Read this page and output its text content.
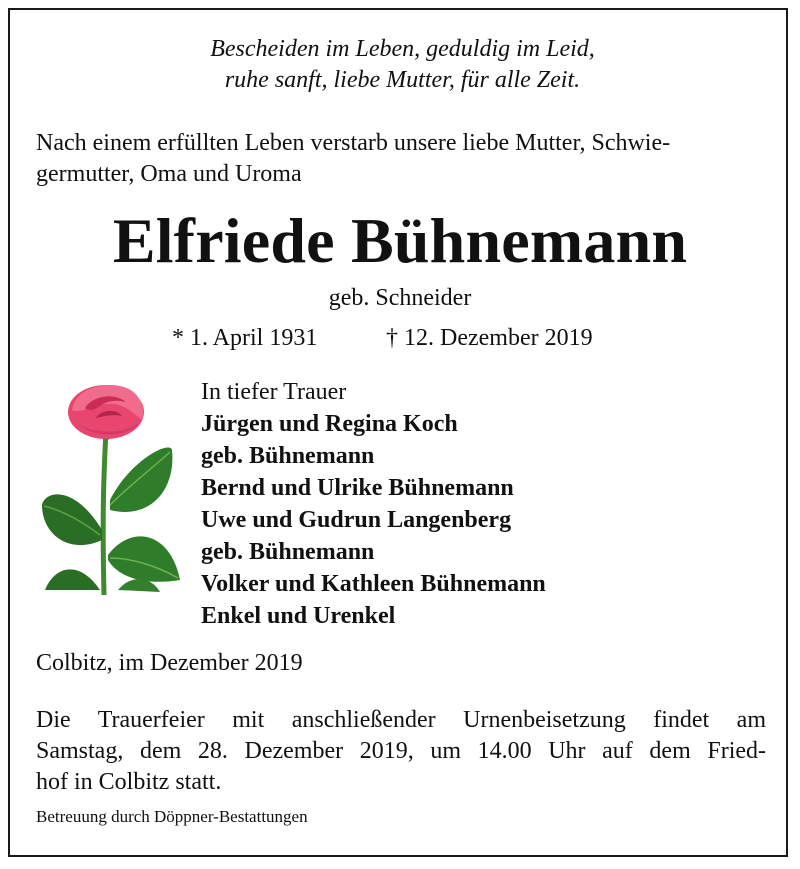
Bescheiden im Leben, geduldig im Leid,
ruhe sanft, liebe Mutter, für alle Zeit.
Nach einem erfüllten Leben verstarb unsere liebe Mutter, Schwie-
germutter, Oma und Uroma
Elfriede Bühnemann
geb. Schneider
* 1. April 1931	† 12. Dezember 2019
In tiefer Trauer
Jürgen und Regina Koch
geb. Bühnemann
Bernd und Ulrike Bühnemann
Uwe und Gudrun Langenberg
geb. Bühnemann
Volker und Kathleen Bühnemann
Enkel und Urenkel
Colbitz, im Dezember 2019
Die Trauerfeier mit anschließender Urnenbeisetzung findet am
Samstag, dem 28. Dezember 2019, um 14.00 Uhr auf dem Fried-
hof in Colbitz statt.
Betreuung durch Döppner-Bestattungen
